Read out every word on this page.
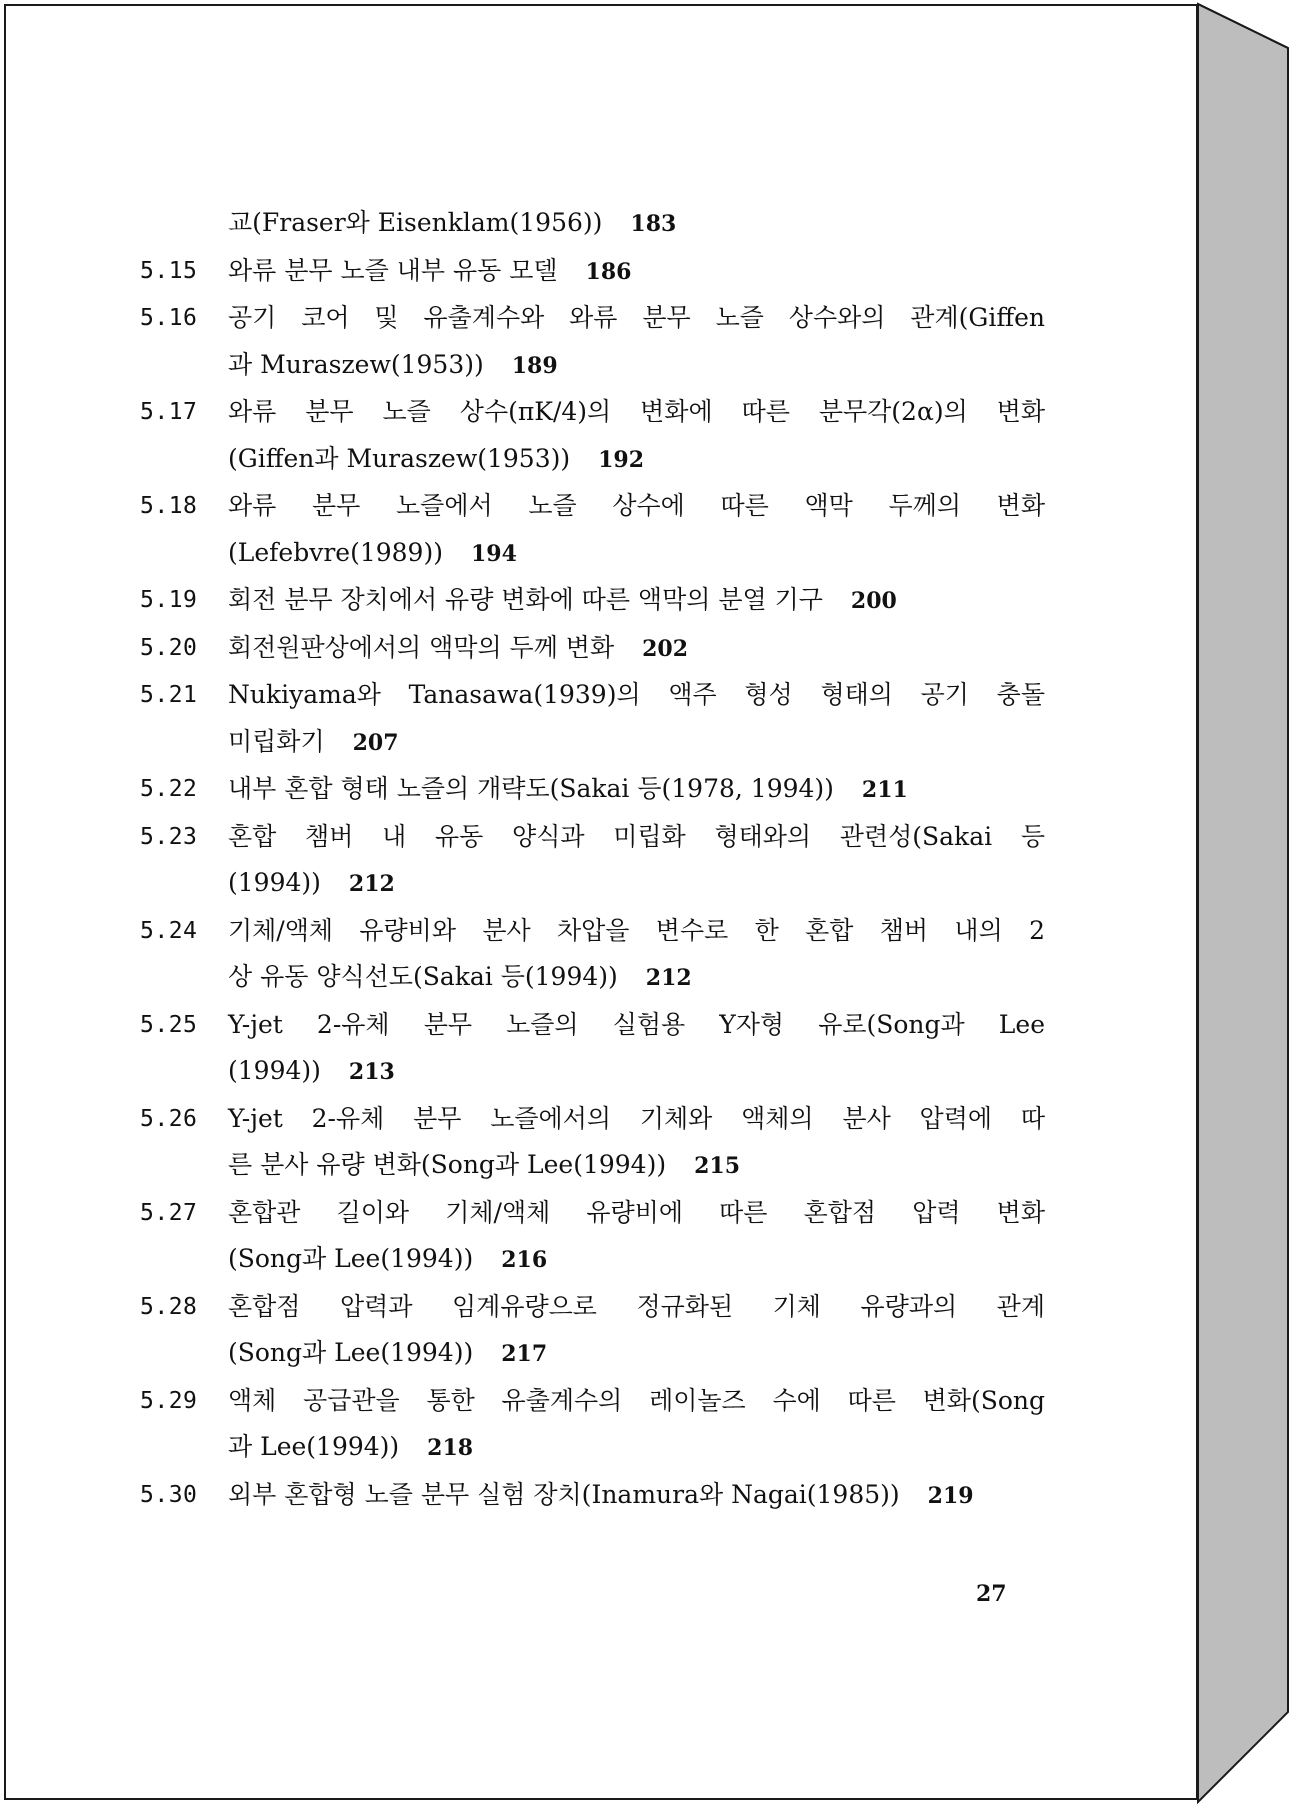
교(Fraser와 Eisenklam(1956)) 183
5.15	와류 분무 노즐 내부 유동 모델 186
5.16	공기 코어 및 유출계수와 와류 분무 노즐 상수와의 관계(Giffen
과 Muraszew(1953)) 189
5.17	와류 분무 노즐 상수(πK/4)의 변화에 따른 분무각(2α)의 변화
(Giffen과 Muraszew(1953)) 192
5.18	와류 분무 노즐에서 노즐 상수에 따른 액막 두께의 변화
(Lefebvre(1989)) 194
5.19	회전 분무 장치에서 유량 변화에 따른 액막의 분열 기구 200
5.20	회전원판상에서의 액막의 두께 변화 202
5.21	Nukiyama와 Tanasawa(1939)의 액주 형성 형태의 공기 충돌
미립화기 207
5.22	내부 혼합 형태 노즐의 개략도(Sakai 등(1978, 1994)) 211
5.23	혼합 챔버 내 유동 양식과 미립화 형태와의 관련성(Sakai 등
(1994)) 212
5.24	기체/액체 유량비와 분사 차압을 변수로 한 혼합 챔버 내의 2
상 유동 양식선도(Sakai 등(1994)) 212
5.25	Y-jet 2-유체 분무 노즐의 실험용 Y자형 유로(Song과 Lee
(1994)) 213
5.26	Y-jet 2-유체 분무 노즐에서의 기체와 액체의 분사 압력에 따
른 분사 유량 변화(Song과 Lee(1994)) 215
5.27	혼합관 길이와 기체/액체 유량비에 따른 혼합점 압력 변화
(Song과 Lee(1994)) 216
5.28	혼합점 압력과 임계유량으로 정규화된 기체 유량과의 관계
(Song과 Lee(1994)) 217
5.29	액체 공급관을 통한 유출계수의 레이놀즈 수에 따른 변화(Song
과 Lee(1994)) 218
5.30	외부 혼합형 노즐 분무 실험 장치(Inamura와 Nagai(1985)) 219
27
